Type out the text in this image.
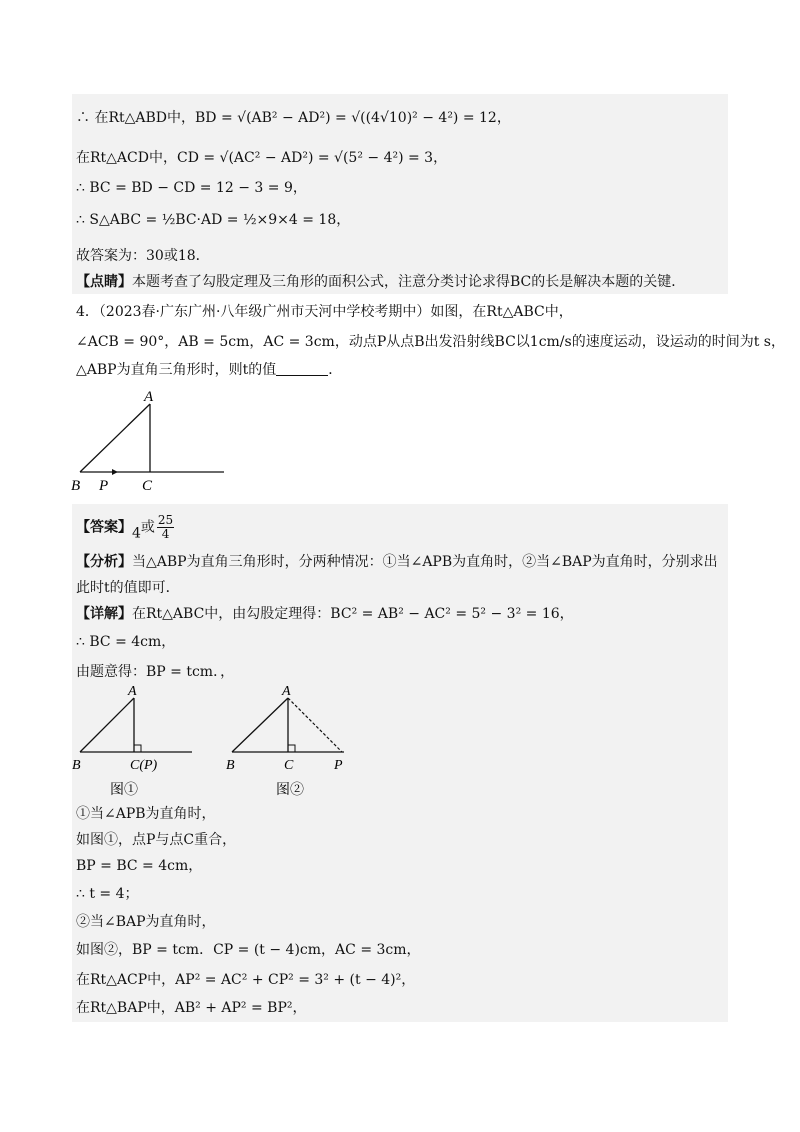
∴ 在Rt△ABD中，BD = √(AB² − AD²) = √((4√10)² − 4²) = 12，
在Rt△ACD中，CD = √(AC² − AD²) = √(5² − 4²) = 3，
∴ BC = BD − CD = 12 − 3 = 9，
∴ S△ABC = ½BC·AD = ½×9×4 = 18，
故答案为：30或18．
【点睛】本题考查了勾股定理及三角形的面积公式，注意分类讨论求得BC的长是解决本题的关键．
4．（2023春·广东广州·八年级广州市天河中学校考期中）如图，在Rt△ABC中，
∠ACB = 90°，AB = 5cm，AC = 3cm，动点P从点B出发沿射线BC以1cm/s的速度运动，设运动的时间为t s，
△ABP为直角三角形时，则t的值	．
A
B P C
【答案】4或 $\frac{25}{4}$
【分析】当△ABP为直角三角形时，分两种情况：①当∠APB为直角时，②当∠BAP为直角时，分别求出
此时t的值即可．
【详解】在Rt△ABC中，由勾股定理得：BC² = AB² − AC² = 5² − 3² = 16，
∴ BC = 4cm，
由题意得：BP = tcm．，
A
B	C(P)
图①
A
B	C	P
图②
①当∠APB为直角时，
如图①，点P与点C重合，
BP = BC = 4cm，
∴ t = 4；
②当∠BAP为直角时，
如图②，BP = tcm．CP = (t − 4)cm，AC = 3cm，
在Rt△ACP中，AP² = AC² + CP² = 3² + (t − 4)²，
在Rt△BAP中，AB² + AP² = BP²，
